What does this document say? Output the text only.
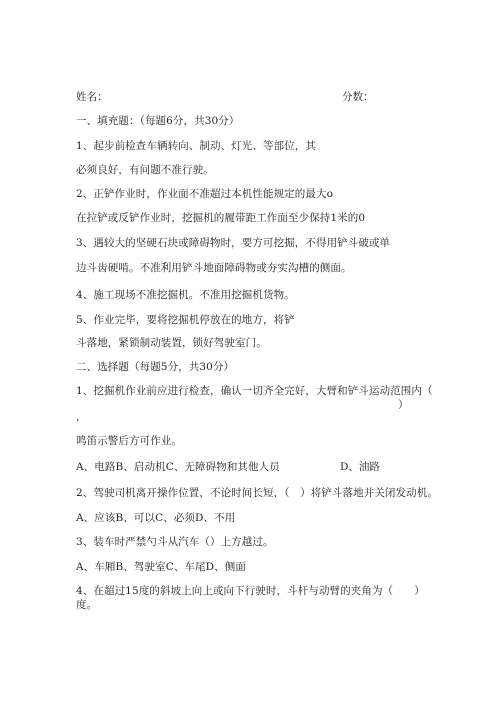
姓名：	分数：
一、填充题：（每题6分，共30分）
1、起步前检查车辆转向、制动、灯光、等部位，其
必须良好，有问题不准行驶。
2、正铲作业时，作业面不准超过本机性能规定的最大o
在拉铲或反铲作业时，挖掘机的履带距工作面至少保持1米的0
3、遇较大的坚硬石块或障碍物时，要方可挖掘，不得用铲斗破或单
边斗齿硬啃。不准利用铲斗地面障碍物或夯实沟槽的侧面。
4、施工现场不准挖掘机。不准用挖掘机货物。
5、作业完毕，要将挖掘机停放在的地方，将铲
斗落地，紧锁制动装置，锁好驾驶室门。
二、选择题（每题5分，共30分）
1、挖掘机作业前应进行检查，确认一切齐全完好，大臂和铲斗运动范围内（
）
，
鸣笛示警后方可作业。
A、电路B、启动机C、无障碍物和其他人员	D、油路
2、驾驶司机离开操作位置，不论时间长短，（　）将铲斗落地并关闭发动机。
A、应该B、可以C、必须D、不用
3、装车时严禁勺斗从汽车（）上方越过。
A、车厢B、驾驶室C、车尾D、侧面
4、在超过15度的斜坡上向上或向下行驶时，斗杆与动臂的夹角为（　　）
度。
